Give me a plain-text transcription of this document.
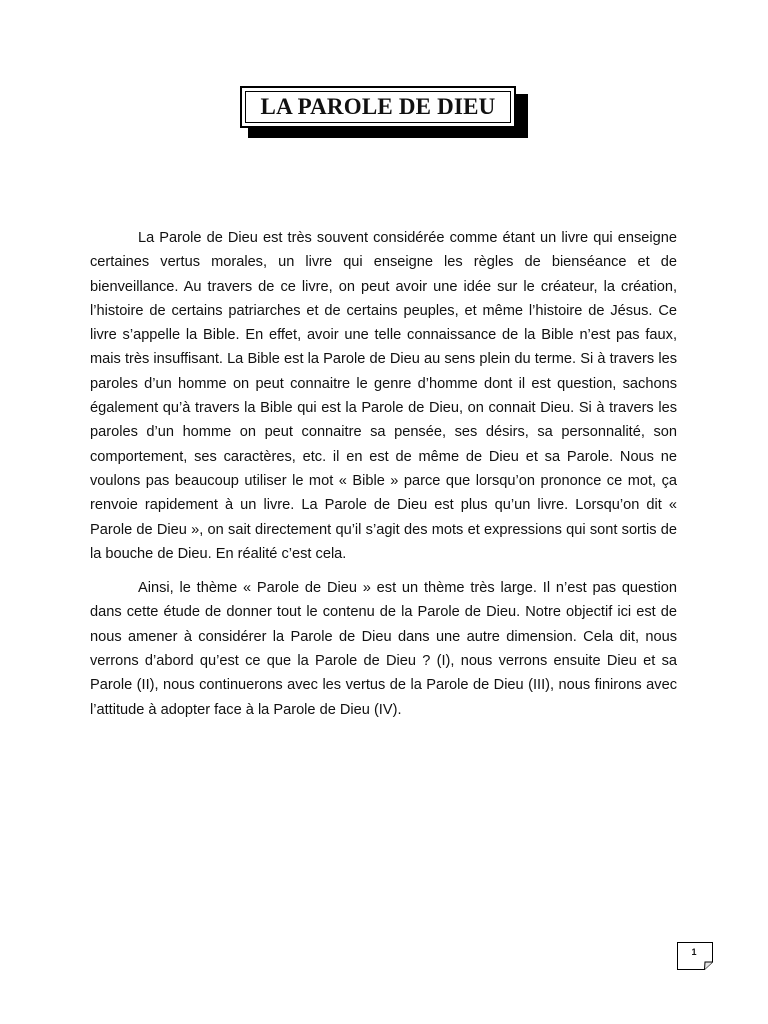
LA PAROLE DE DIEU

La Parole de Dieu est très souvent considérée comme étant un livre qui enseigne certaines vertus morales, un livre qui enseigne les règles de bienséance et de bienveillance. Au travers de ce livre, on peut avoir une idée sur le créateur, la création, l’histoire de certains patriarches et de certains peuples, et même l’histoire de Jésus. Ce livre s’appelle la Bible. En effet, avoir une telle connaissance de la Bible n’est pas faux, mais très insuffisant. La Bible est la Parole de Dieu au sens plein du terme. Si à travers les paroles d’un homme on peut connaitre le genre d’homme dont il est question, sachons également qu’à travers la Bible qui est la Parole de Dieu, on connait Dieu. Si à travers les paroles d’un homme on peut connaitre sa pensée, ses désirs, sa personnalité, son comportement, ses caractères, etc. il en est de même de Dieu et sa Parole. Nous ne voulons pas beaucoup utiliser le mot « Bible » parce que lorsqu’on prononce ce mot, ça renvoie rapidement à un livre. La Parole de Dieu est plus qu’un livre. Lorsqu’on dit « Parole de Dieu », on sait directement qu’il s’agit des mots et expressions qui sont sortis de la bouche de Dieu. En réalité c’est cela.

Ainsi, le thème « Parole de Dieu » est un thème très large. Il n’est pas question dans cette étude de donner tout le contenu de la Parole de Dieu. Notre objectif ici est de nous amener à considérer la Parole de Dieu dans une autre dimension. Cela dit, nous verrons d’abord qu’est ce que la Parole de Dieu ? (I), nous verrons ensuite Dieu et sa Parole (II), nous continuerons avec les vertus de la Parole de Dieu (III), nous finirons avec l’attitude à adopter face à la Parole de Dieu (IV).

1
